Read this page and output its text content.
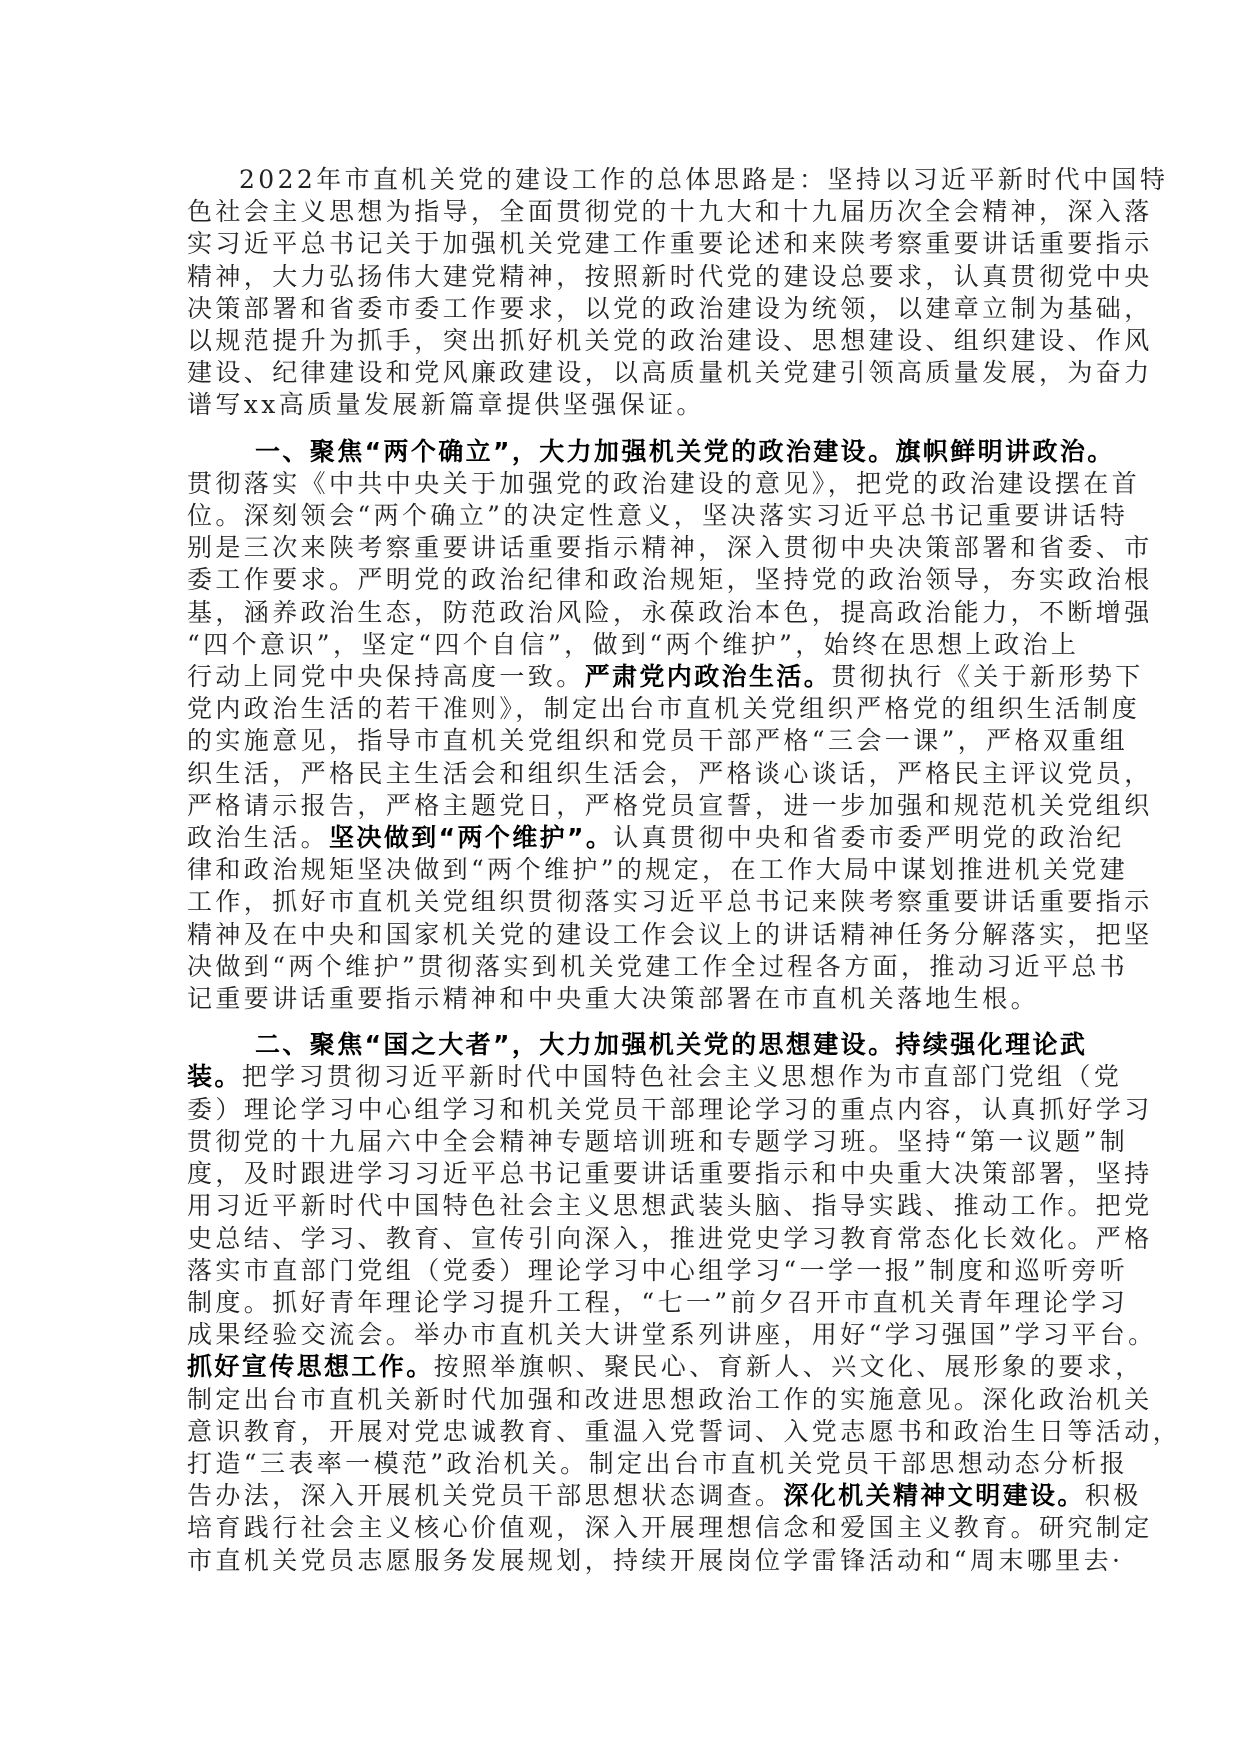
2022年市直机关党的建设工作的总体思路是：坚持以习近平新时代中国特
色社会主义思想为指导，全面贯彻党的十九大和十九届历次全会精神，深入落
实习近平总书记关于加强机关党建工作重要论述和来陕考察重要讲话重要指示
精神，大力弘扬伟大建党精神，按照新时代党的建设总要求，认真贯彻党中央
决策部署和省委市委工作要求，以党的政治建设为统领，以建章立制为基础，
以规范提升为抓手，突出抓好机关党的政治建设、思想建设、组织建设、作风
建设、纪律建设和党风廉政建设，以高质量机关党建引领高质量发展，为奋力
谱写xx高质量发展新篇章提供坚强保证。
一、聚焦“两个确立”，大力加强机关党的政治建设。旗帜鲜明讲政治。
贯彻落实《中共中央关于加强党的政治建设的意见》，把党的政治建设摆在首
位。深刻领会“两个确立”的决定性意义，坚决落实习近平总书记重要讲话特
别是三次来陕考察重要讲话重要指示精神，深入贯彻中央决策部署和省委、市
委工作要求。严明党的政治纪律和政治规矩，坚持党的政治领导，夯实政治根
基，涵养政治生态，防范政治风险，永葆政治本色，提高政治能力，不断增强
“四个意识”，坚定“四个自信”，做到“两个维护”，始终在思想上政治上
行动上同党中央保持高度一致。严肃党内政治生活。贯彻执行《关于新形势下
党内政治生活的若干准则》，制定出台市直机关党组织严格党的组织生活制度
的实施意见，指导市直机关党组织和党员干部严格“三会一课”，严格双重组
织生活，严格民主生活会和组织生活会，严格谈心谈话，严格民主评议党员，
严格请示报告，严格主题党日，严格党员宣誓，进一步加强和规范机关党组织
政治生活。坚决做到“两个维护”。认真贯彻中央和省委市委严明党的政治纪
律和政治规矩坚决做到“两个维护”的规定，在工作大局中谋划推进机关党建
工作，抓好市直机关党组织贯彻落实习近平总书记来陕考察重要讲话重要指示
精神及在中央和国家机关党的建设工作会议上的讲话精神任务分解落实，把坚
决做到“两个维护”贯彻落实到机关党建工作全过程各方面，推动习近平总书
记重要讲话重要指示精神和中央重大决策部署在市直机关落地生根。
二、聚焦“国之大者”，大力加强机关党的思想建设。持续强化理论武
装。把学习贯彻习近平新时代中国特色社会主义思想作为市直部门党组（党
委）理论学习中心组学习和机关党员干部理论学习的重点内容，认真抓好学习
贯彻党的十九届六中全会精神专题培训班和专题学习班。坚持“第一议题”制
度，及时跟进学习习近平总书记重要讲话重要指示和中央重大决策部署，坚持
用习近平新时代中国特色社会主义思想武装头脑、指导实践、推动工作。把党
史总结、学习、教育、宣传引向深入，推进党史学习教育常态化长效化。严格
落实市直部门党组（党委）理论学习中心组学习“一学一报”制度和巡听旁听
制度。抓好青年理论学习提升工程，“七一”前夕召开市直机关青年理论学习
成果经验交流会。举办市直机关大讲堂系列讲座，用好“学习强国”学习平台。
抓好宣传思想工作。按照举旗帜、聚民心、育新人、兴文化、展形象的要求，
制定出台市直机关新时代加强和改进思想政治工作的实施意见。深化政治机关
意识教育，开展对党忠诚教育、重温入党誓词、入党志愿书和政治生日等活动，
打造“三表率一模范”政治机关。制定出台市直机关党员干部思想动态分析报
告办法，深入开展机关党员干部思想状态调查。深化机关精神文明建设。积极
培育践行社会主义核心价值观，深入开展理想信念和爱国主义教育。研究制定
市直机关党员志愿服务发展规划，持续开展岗位学雷锋活动和“周末哪里去·
